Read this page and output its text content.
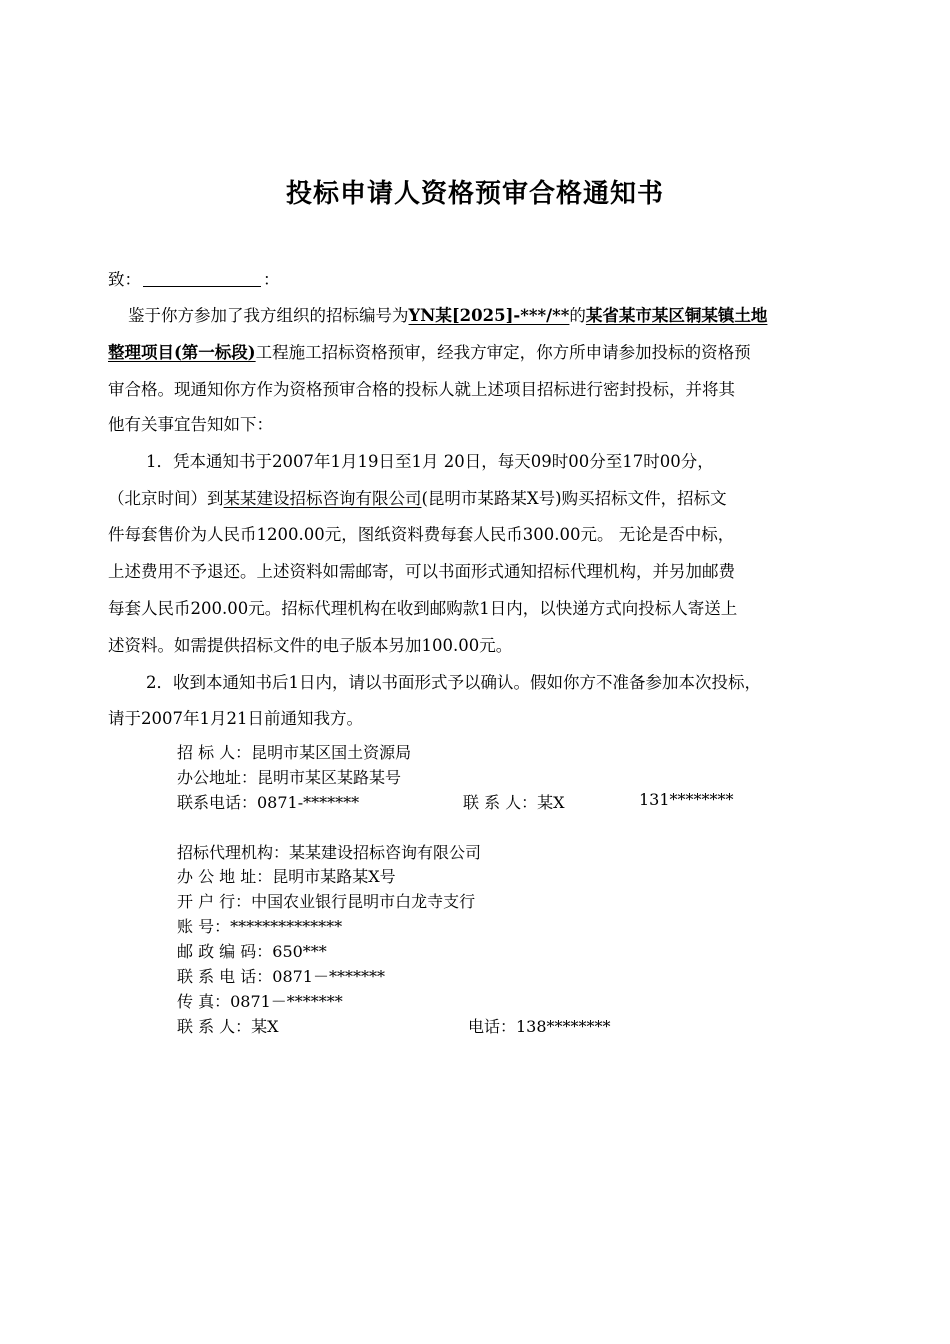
投标申请人资格预审合格通知书
致：	：
鉴于你方参加了我方组织的招标编号为YN某[2025]-***/**的某省某市某区铜某镇土地
整理项目(第一标段)工程施工招标资格预审，经我方审定，你方所申请参加投标的资格预
审合格。现通知你方作为资格预审合格的投标人就上述项目招标进行密封投标，并将其
他有关事宜告知如下：
1．凭本通知书于2007年1月19日至1月 20日，每天09时00分至17时00分，
（北京时间）到某某建设招标咨询有限公司(昆明市某路某X号)购买招标文件，招标文
件每套售价为人民币1200.00元，图纸资料费每套人民币300.00元。 无论是否中标，
上述费用不予退还。上述资料如需邮寄，可以书面形式通知招标代理机构，并另加邮费
每套人民币200.00元。招标代理机构在收到邮购款1日内，以快递方式向投标人寄送上
述资料。如需提供招标文件的电子版本另加100.00元。
2．收到本通知书后1日内，请以书面形式予以确认。假如你方不准备参加本次投标，
请于2007年1月21日前通知我方。
招 标 人：昆明市某区国土资源局
办公地址：昆明市某区某路某号
联系电话：0871-*******	联 系 人：某X	131********
招标代理机构：某某建设招标咨询有限公司
办 公 地 址：昆明市某路某X号
开 户 行：中国农业银行昆明市白龙寺支行
账 号：**************
邮 政 编 码：650***
联 系 电 话：0871－*******
传 真：0871－*******
联 系 人：某X	电话：138********
